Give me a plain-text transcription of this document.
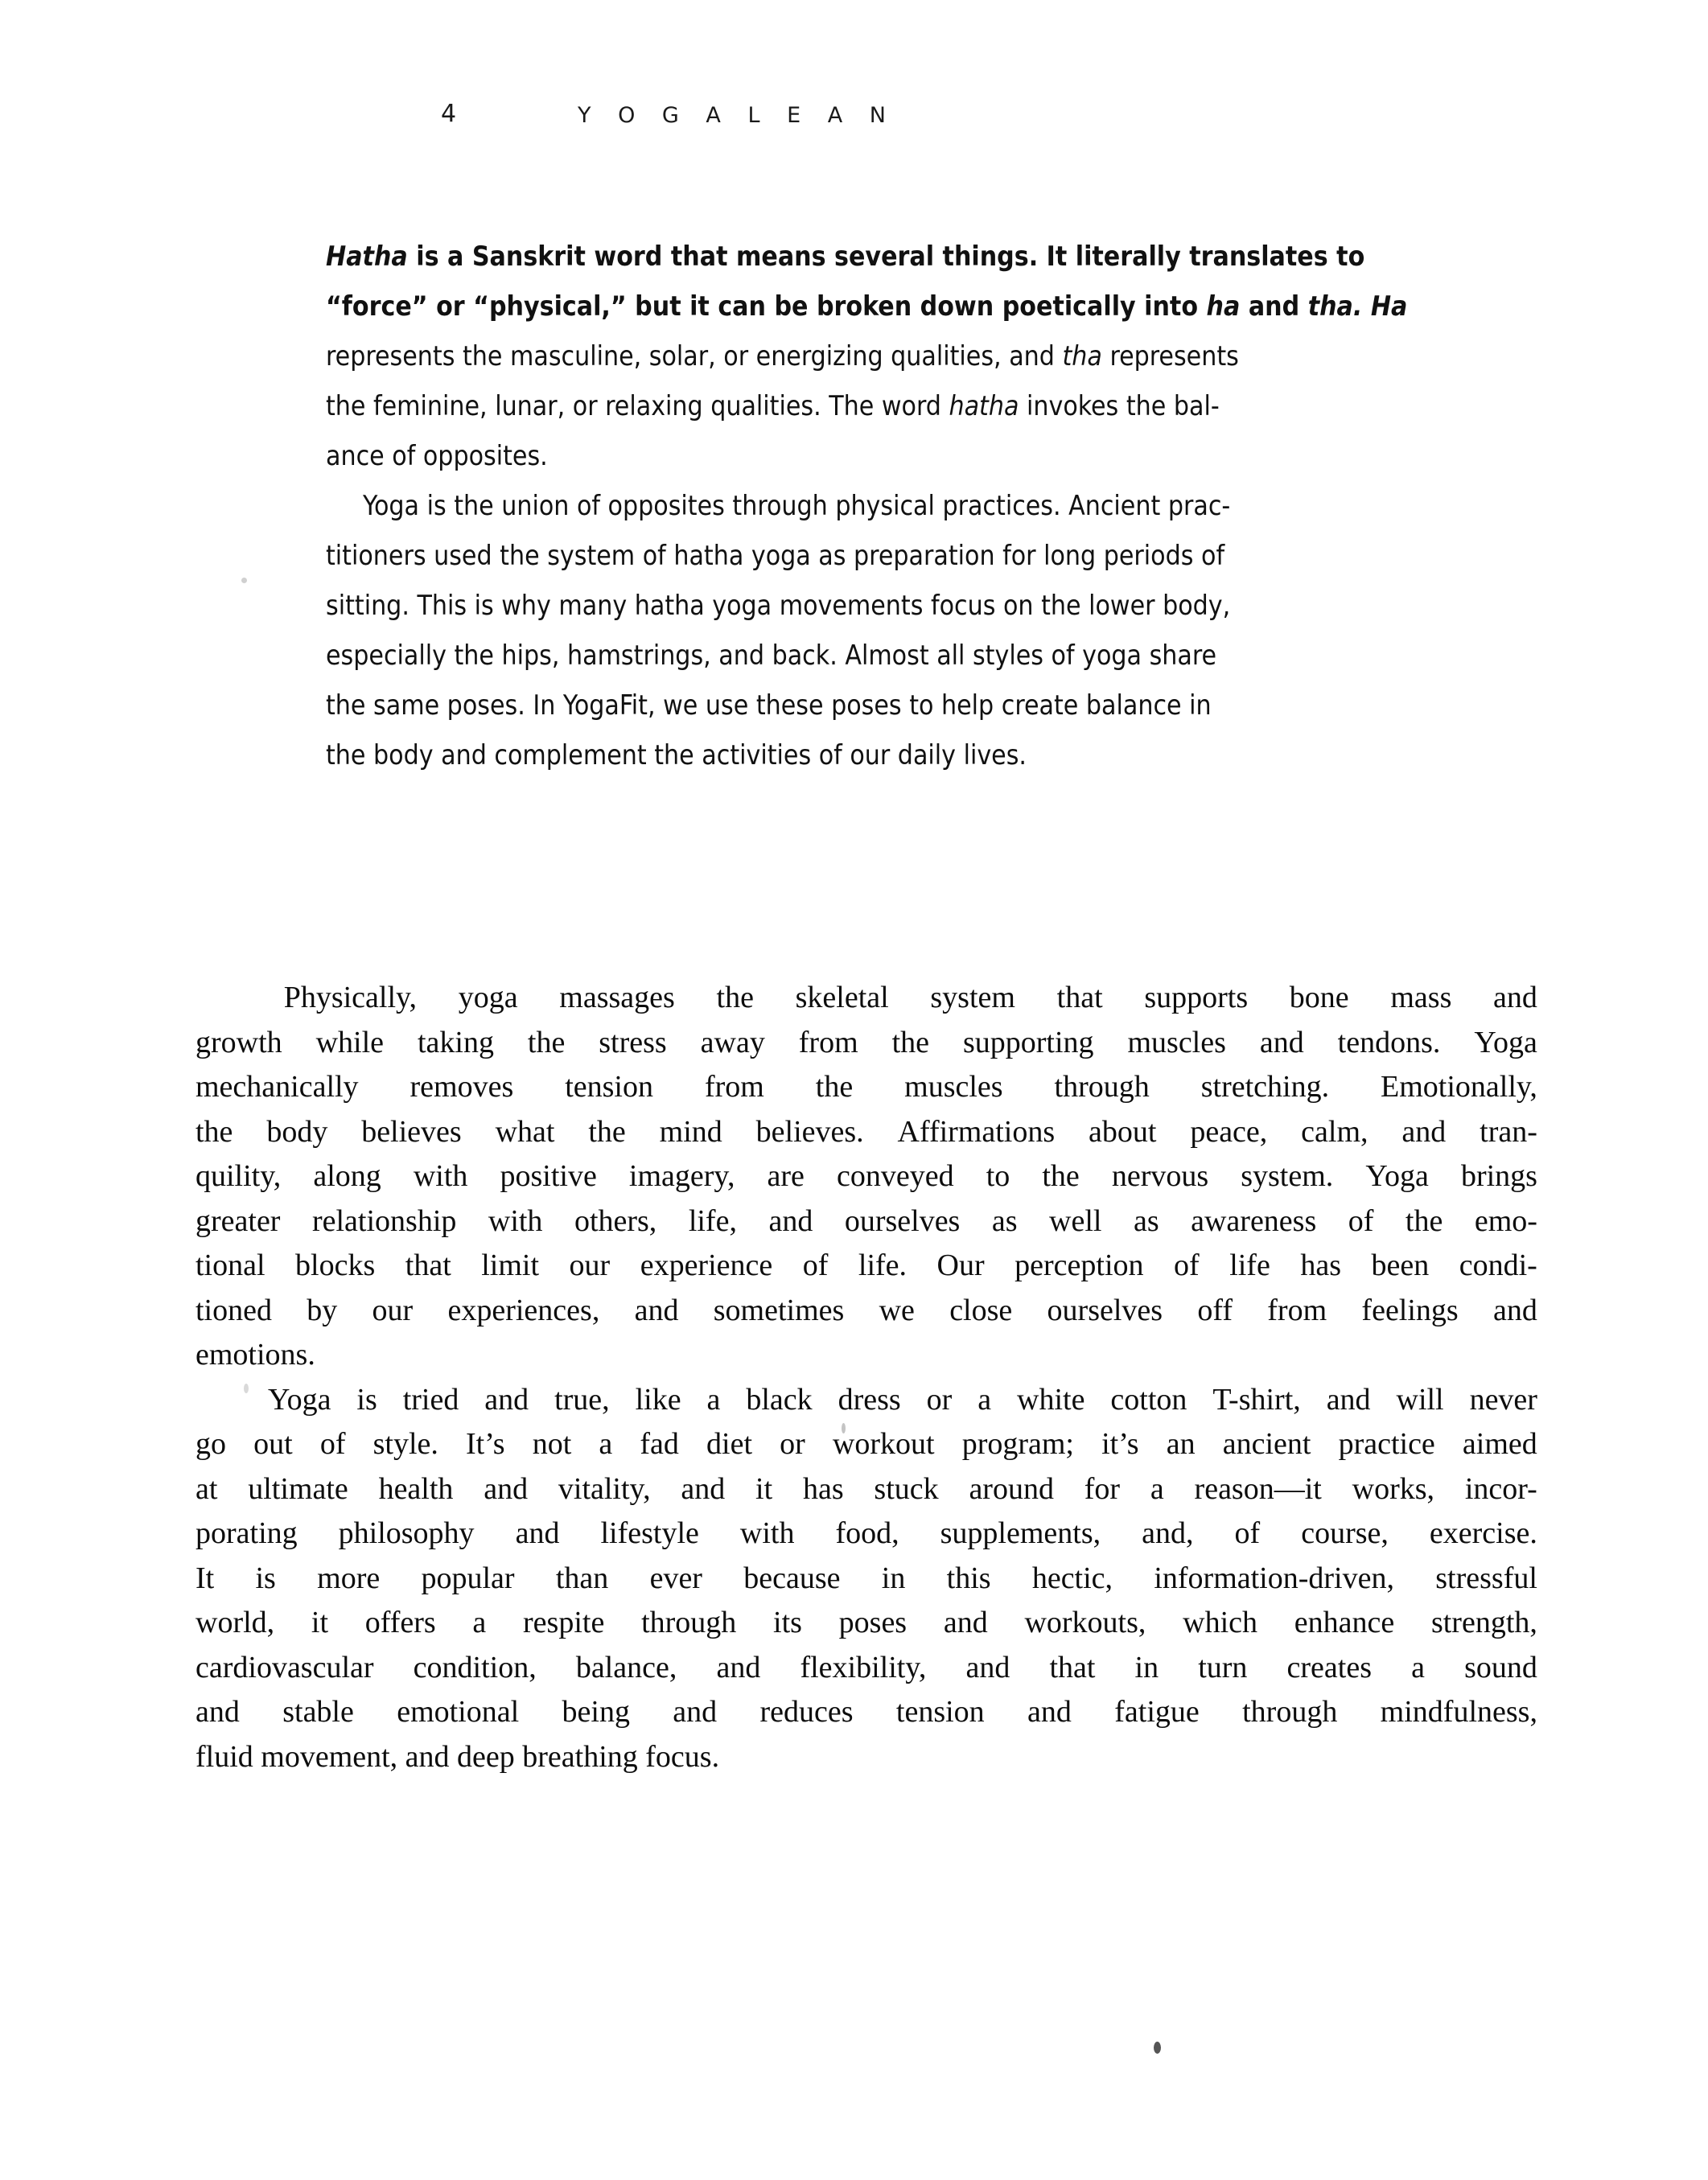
4	Y O G A L E A N

Hatha is a Sanskrit word that means several things. It literally translates to
“force” or “physical,” but it can be broken down poetically into ha and tha. Ha
represents the masculine, solar, or energizing qualities, and tha represents
the feminine, lunar, or relaxing qualities. The word hatha invokes the bal-
ance of opposites.

Yoga is the union of opposites through physical practices. Ancient prac-
titioners used the system of hatha yoga as preparation for long periods of
sitting. This is why many hatha yoga movements focus on the lower body,
especially the hips, hamstrings, and back. Almost all styles of yoga share
the same poses. In YogaFit, we use these poses to help create balance in
the body and complement the activities of our daily lives.

Physically, yoga massages the skeletal system that supports bone mass and
growth while taking the stress away from the supporting muscles and tendons. Yoga
mechanically removes tension from the muscles through stretching. Emotionally,
the body believes what the mind believes. Affirmations about peace, calm, and tran-
quility, along with positive imagery, are conveyed to the nervous system. Yoga brings
greater relationship with others, life, and ourselves as well as awareness of the emo-
tional blocks that limit our experience of life. Our perception of life has been condi-
tioned by our experiences, and sometimes we close ourselves off from feelings and
emotions.

Yoga is tried and true, like a black dress or a white cotton T-shirt, and will never
go out of style. It’s not a fad diet or workout program; it’s an ancient practice aimed
at ultimate health and vitality, and it has stuck around for a reason—it works, incor-
porating philosophy and lifestyle with food, supplements, and, of course, exercise.
It is more popular than ever because in this hectic, information-driven, stressful
world, it offers a respite through its poses and workouts, which enhance strength,
cardiovascular condition, balance, and flexibility, and that in turn creates a sound
and stable emotional being and reduces tension and fatigue through mindfulness,
fluid movement, and deep breathing focus.
